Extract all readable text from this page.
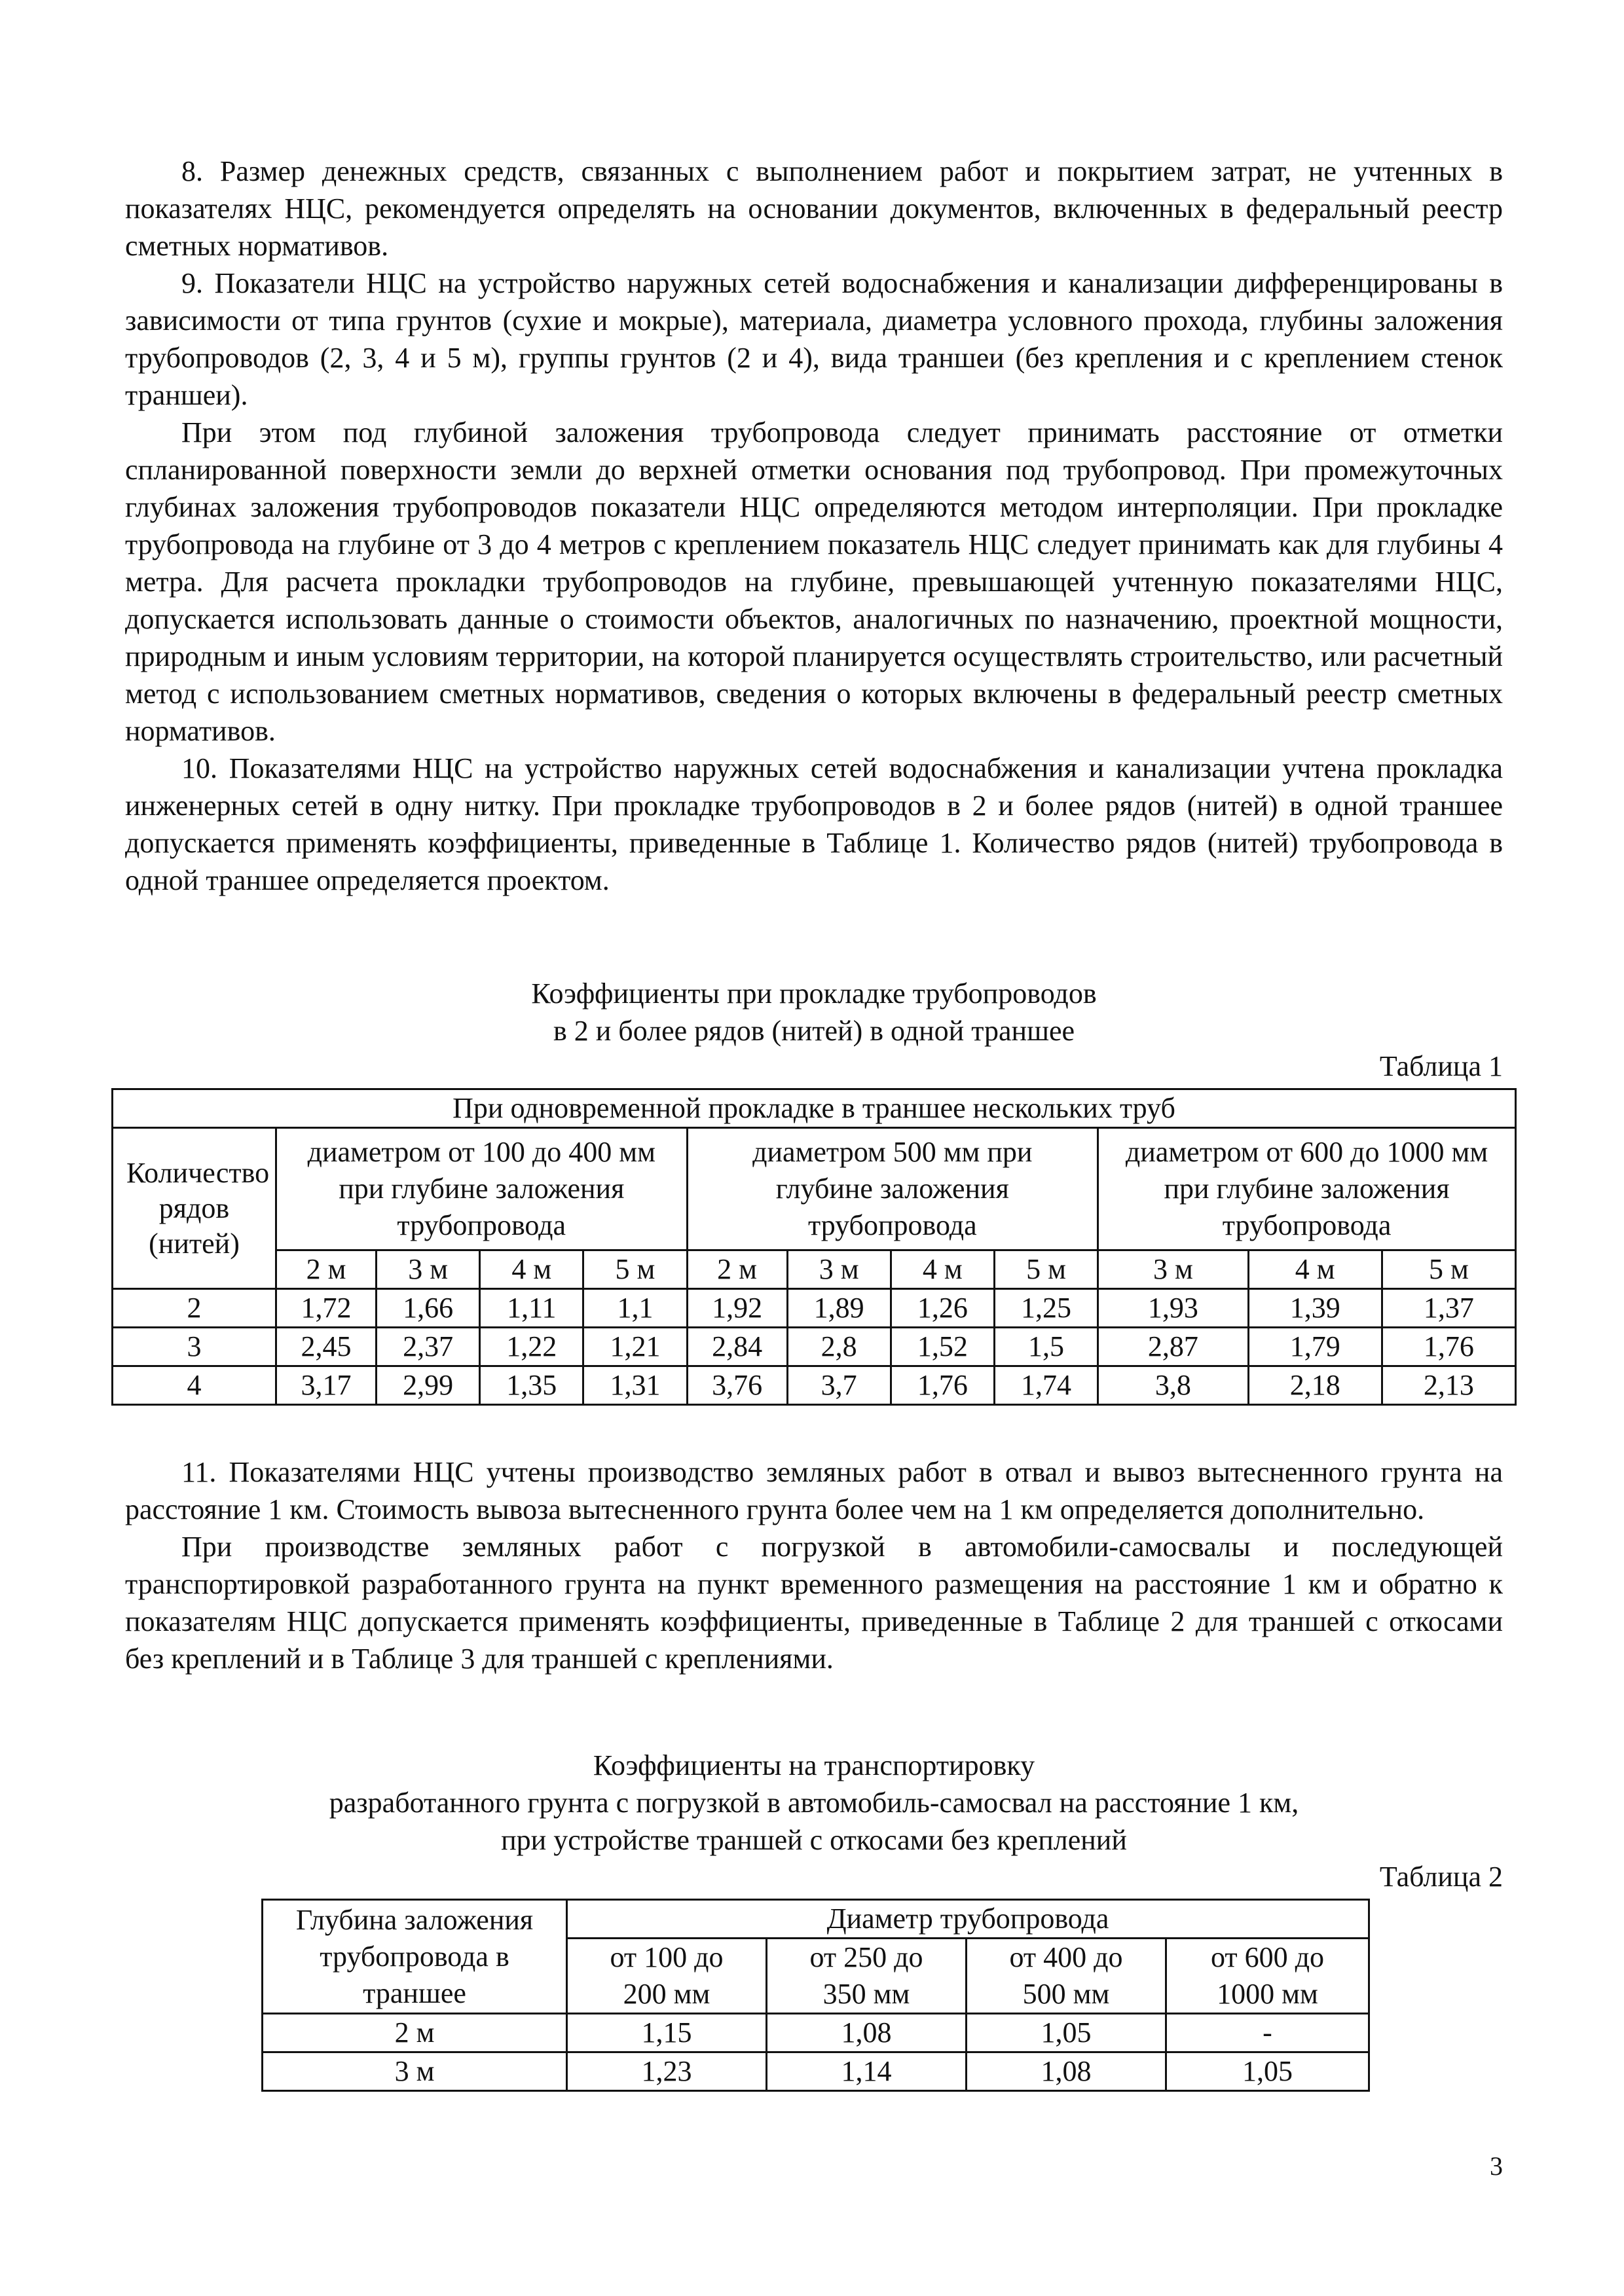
8. Размер денежных средств, связанных с выполнением работ и покрытием затрат, не учтенных в показателях НЦС, рекомендуется определять на основании документов, включенных в федеральный реестр сметных нормативов.

9. Показатели НЦС на устройство наружных сетей водоснабжения и канализации дифференцированы в зависимости от типа грунтов (сухие и мокрые), материала, диаметра условного прохода, глубины заложения трубопроводов (2, 3, 4 и 5 м), группы грунтов (2 и 4), вида траншеи (без крепления и с креплением стенок траншеи).

При этом под глубиной заложения трубопровода следует принимать расстояние от отметки спланированной поверхности земли до верхней отметки основания под трубопровод. При промежуточных глубинах заложения трубопроводов показатели НЦС определяются методом интерполяции. При прокладке трубопровода на глубине от 3 до 4 метров с креплением показатель НЦС следует принимать как для глубины 4 метра. Для расчета прокладки трубопроводов на глубине, превышающей учтенную показателями НЦС, допускается использовать данные о стоимости объектов, аналогичных по назначению, проектной мощности, природным и иным условиям территории, на которой планируется осуществлять строительство, или расчетный метод с использованием сметных нормативов, сведения о которых включены в федеральный реестр сметных нормативов.

10. Показателями НЦС на устройство наружных сетей водоснабжения и канализации учтена прокладка инженерных сетей в одну нитку. При прокладке трубопроводов в 2 и более рядов (нитей) в одной траншее допускается применять коэффициенты, приведенные в Таблице 1. Количество рядов (нитей) трубопровода в одной траншее определяется проектом.

Коэффициенты при прокладке трубопроводов

в 2 и более рядов (нитей) в одной траншее

Таблица 1

При одновременной прокладке в траншее нескольких труб											
Количество рядов (нитей)	диаметром от 100 до 400 мм при глубине заложения трубопровода				диаметром 500 мм при глубине заложения трубопровода				диаметром от 600 до 1000 мм при глубине заложения трубопровода		
	2 м	3 м	4 м	5 м	2 м	3 м	4 м	5 м	3 м	4 м	5 м
2	1,72	1,66	1,11	1,1	1,92	1,89	1,26	1,25	1,93	1,39	1,37
3	2,45	2,37	1,22	1,21	2,84	2,8	1,52	1,5	2,87	1,79	1,76
4	3,17	2,99	1,35	1,31	3,76	3,7	1,76	1,74	3,8	2,18	2,13

11. Показателями НЦС учтены производство земляных работ в отвал и вывоз вытесненного грунта на расстояние 1 км. Стоимость вывоза вытесненного грунта более чем на 1 км определяется дополнительно.

При производстве земляных работ с погрузкой в автомобили-самосвалы и последующей транспортировкой разработанного грунта на пункт временного размещения на расстояние 1 км и обратно к показателям НЦС допускается применять коэффициенты, приведенные в Таблице 2 для траншей с откосами без креплений и в Таблице 3 для траншей с креплениями.

Коэффициенты на транспортировку

разработанного грунта с погрузкой в автомобиль-самосвал на расстояние 1 км,

при устройстве траншей с откосами без креплений

Таблица 2

Глубина заложения трубопровода в траншее	Диаметр трубопровода			
	от 100 до 200 мм	от 250 до 350 мм	от 400 до 500 мм	от 600 до 1000 мм
2 м	1,15	1,08	1,05	-
3 м	1,23	1,14	1,08	1,05
3
